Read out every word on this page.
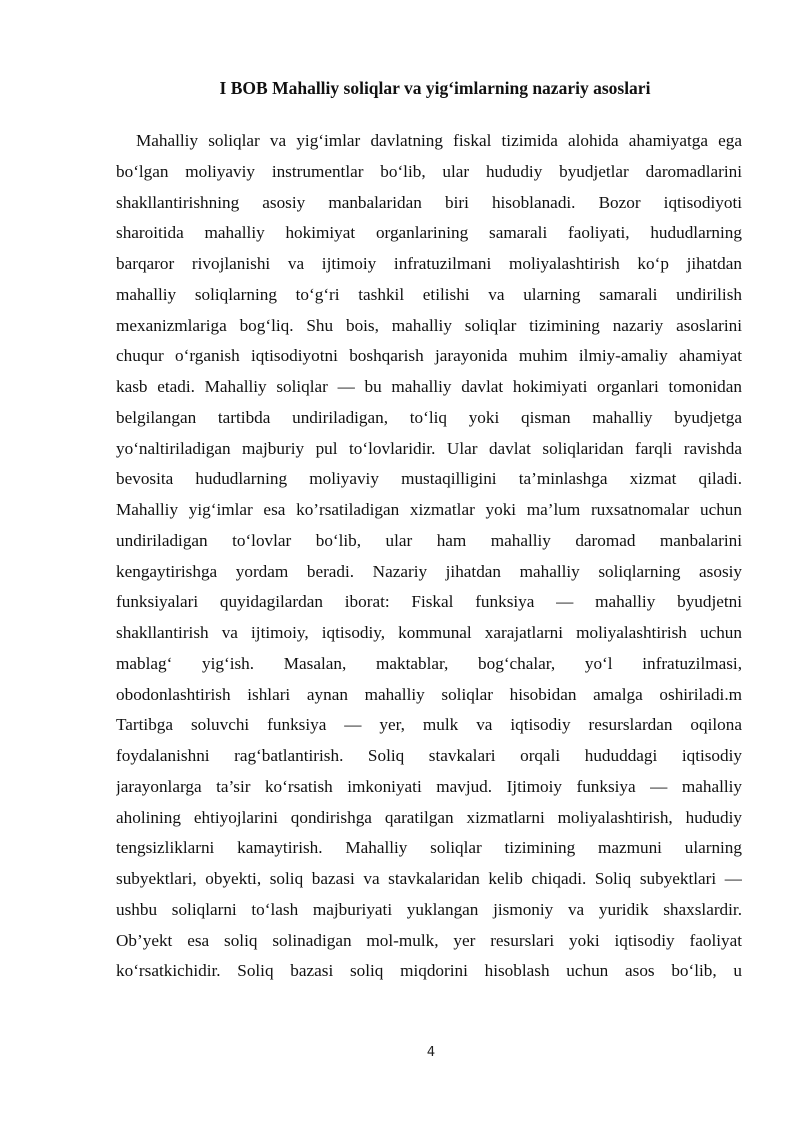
I BOB Mahalliy soliqlar va yig‘imlarning nazariy asoslari
Mahalliy soliqlar va yig‘imlar davlatning fiskal tizimida alohida ahamiyatga ega
bo‘lgan moliyaviy instrumentlar bo‘lib, ular hududiy byudjetlar daromadlarini
shakllantirishning asosiy manbalaridan biri hisoblanadi. Bozor iqtisodiyoti
sharoitida mahalliy hokimiyat organlarining samarali faoliyati, hududlarning
barqaror rivojlanishi va ijtimoiy infratuzilmani moliyalashtirish ko‘p jihatdan
mahalliy soliqlarning to‘g‘ri tashkil etilishi va ularning samarali undirilish
mexanizmlariga bog‘liq. Shu bois, mahalliy soliqlar tizimining nazariy asoslarini
chuqur o‘rganish iqtisodiyotni boshqarish jarayonida muhim ilmiy-amaliy ahamiyat
kasb etadi. Mahalliy soliqlar — bu mahalliy davlat hokimiyati organlari tomonidan
belgilangan tartibda undiriladigan, to‘liq yoki qisman mahalliy byudjetga
yo‘naltiriladigan majburiy pul to‘lovlaridir. Ular davlat soliqlaridan farqli ravishda
bevosita hududlarning moliyaviy mustaqilligini ta’minlashga xizmat qiladi.
Mahalliy yig‘imlar esa ko’rsatiladigan xizmatlar yoki ma’lum ruxsatnomalar uchun
undiriladigan to‘lovlar bo‘lib, ular ham mahalliy daromad manbalarini
kengaytirishga yordam beradi. Nazariy jihatdan mahalliy soliqlarning asosiy
funksiyalari quyidagilardan iborat: Fiskal funksiya — mahalliy byudjetni
shakllantirish va ijtimoiy, iqtisodiy, kommunal xarajatlarni moliyalashtirish uchun
mablag‘ yig‘ish. Masalan, maktablar, bog‘chalar, yo‘l infratuzilmasi,
obodonlashtirish ishlari aynan mahalliy soliqlar hisobidan amalga oshiriladi.m
Tartibga soluvchi funksiya — yer, mulk va iqtisodiy resurslardan oqilona
foydalanishni rag‘batlantirish. Soliq stavkalari orqali hududdagi iqtisodiy
jarayonlarga ta’sir ko‘rsatish imkoniyati mavjud. Ijtimoiy funksiya — mahalliy
aholining ehtiyojlarini qondirishga qaratilgan xizmatlarni moliyalashtirish, hududiy
tengsizliklarni kamaytirish. Mahalliy soliqlar tizimining mazmuni ularning
subyektlari, obyekti, soliq bazasi va stavkalaridan kelib chiqadi. Soliq subyektlari —
ushbu soliqlarni to‘lash majburiyati yuklangan jismoniy va yuridik shaxslardir.
Ob’yekt esa soliq solinadigan mol-mulk, yer resurslari yoki iqtisodiy faoliyat
ko‘rsatkichidir. Soliq bazasi soliq miqdorini hisoblash uchun asos bo‘lib, u
4
